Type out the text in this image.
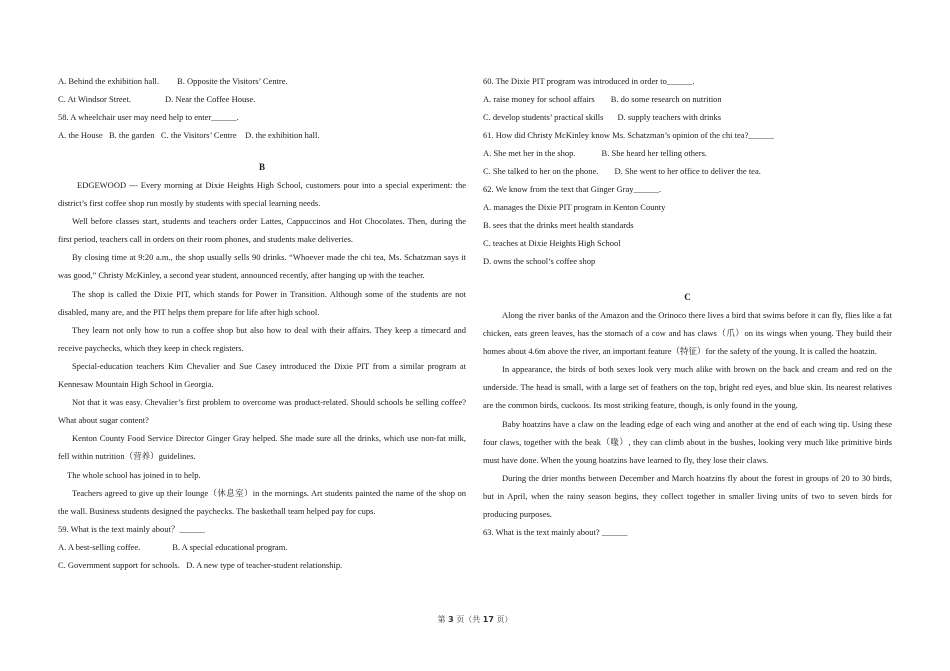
A. Behind the exhibition hall. B. Opposite the Visitors’ Centre.
C. At Windsor Street.	D. Near the Coffee House.
58. A wheelchair user may need help to enter______.
A. the House   B. the garden   C. the Visitors’ Centre    D. the exhibition hall.
B
EDGEWOOD --- Every morning at Dixie Heights High School, customers pour into a special experiment: the district’s first coffee shop run mostly by students with special learning needs.
Well before classes start, students and teachers order Lattes, Cappuccinos and Hot Chocolates. Then, during the first period, teachers call in orders on their room phones, and students make deliveries.
By closing time at 9:20 a.m., the shop usually sells 90 drinks. “Whoever made the chi tea, Ms. Schatzman says it was good,” Christy McKinley, a second year student, announced recently, after hanging up with the teacher.
The shop is called the Dixie PIT, which stands for Power in Transition. Although some of the students are not disabled, many are, and the PIT helps them prepare for life after high school.
They learn not only how to run a coffee shop but also how to deal with their affairs. They keep a timecard and receive paychecks, which they keep in check registers.
Special-education teachers Kim Chevalier and Sue Casey introduced the Dixie PIT from a similar program at Kennesaw Mountain High School in Georgia.
Not that it was easy. Chevalier’s first problem to overcome was product-related. Should schools be selling coffee? What about sugar content?
Kenton County Food Service Director Ginger Gray helped. She made sure all the drinks, which use non-fat milk, fell within nutrition（营养）guidelines.
The whole school has joined in to help.
Teachers agreed to give up their lounge（休息室）in the mornings. Art students painted the name of the shop on the wall. Business students designed the paychecks. The basketball team helped pay for cups.
59. What is the text mainly about？______
A. A best-selling coffee.	B. A special educational program.
C. Government support for schools.   D. A new type of teacher-student relationship.
60. The Dixie PIT program was introduced in order to______.
A. raise money for school affairs B. do some research on nutrition
C. develop students’ practical skills D. supply teachers with drinks
61. How did Christy McKinley know Ms. Schatzman’s opinion of the chi tea?______
A. She met her in the shop.	B. She heard her telling others.
C. She talked to her on the phone. D. She went to her office to deliver the tea.
62. We know from the text that Ginger Gray______.
A. manages the Dixie PIT program in Kenton County
B. sees that the drinks meet health standards
C. teaches at Dixie Heights High School
D. owns the school’s coffee shop
C
Along the river banks of the Amazon and the Orinoco there lives a bird that swims before it can fly, flies like a fat chicken, eats green leaves, has the stomach of a cow and has claws（爪）on its wings when young. They build their homes about 4.6m above the river, an important feature（特征）for the safety of the young. It is called the hoatzin.
In appearance, the birds of both sexes look very much alike with brown on the back and cream and red on the underside. The head is small, with a large set of feathers on the top, bright red eyes, and blue skin. Its nearest relatives are the common birds, cuckoos. Its most striking feature, though, is only found in the young.
Baby hoatzins have a claw on the leading edge of each wing and another at the end of each wing tip. Using these four claws, together with the beak（喙）, they can climb about in the bushes, looking very much like primitive birds must have done. When the young hoatzins have learned to fly, they lose their claws.
During the drier months between December and March hoatzins fly about the forest in groups of 20 to 30 birds, but in April, when the rainy season begins, they collect together in smaller living units of two to seven birds for producing purposes.
63. What is the text mainly about? ______
第 3 页（共 17 页）
